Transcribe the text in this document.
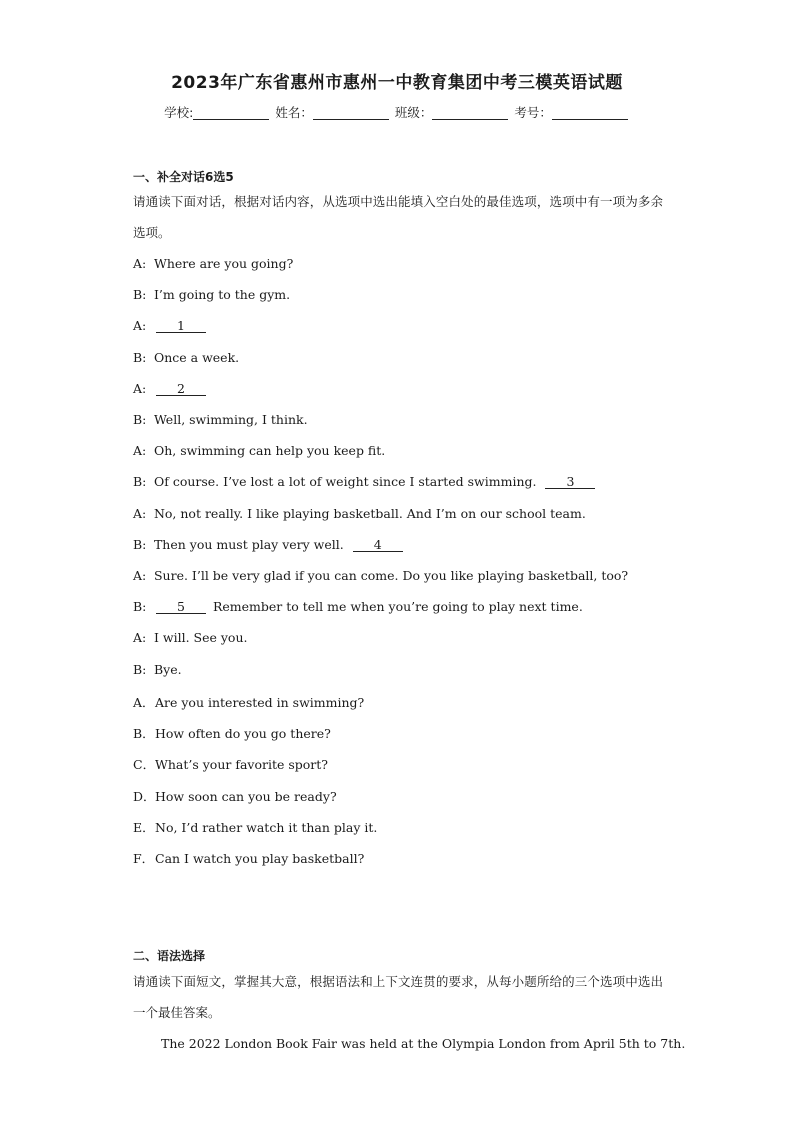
2023年广东省惠州市惠州一中教育集团中考三模英语试题
学校:	姓名：	班级：	考号：
一、补全对话6选5
请通读下面对话，根据对话内容，从选项中选出能填入空白处的最佳选项，选项中有一项为多余选项。
A: Where are you going?
B: I’m going to the gym.
A: 1
B: Once a week.
A: 2
B: Well, swimming, I think.
A: Oh, swimming can help you keep fit.
B: Of course. I’ve lost a lot of weight since I started swimming. 3
A: No, not really. I like playing basketball. And I’m on our school team.
B: Then you must play very well. 4
A: Sure. I’ll be very glad if you can come. Do you like playing basketball, too?
B: 5 Remember to tell me when you’re going to play next time.
A: I will. See you.
B: Bye.
A．Are you interested in swimming?
B．How often do you go there?
C．What’s your favorite sport?
D．How soon can you be ready?
E．No, I’d rather watch it than play it.
F．Can I watch you play basketball?
二、语法选择
请通读下面短文，掌握其大意，根据语法和上下文连贯的要求，从每小题所给的三个选项中选出一个最佳答案。
The 2022 London Book Fair was held at the Olympia London from April 5th to 7th.
